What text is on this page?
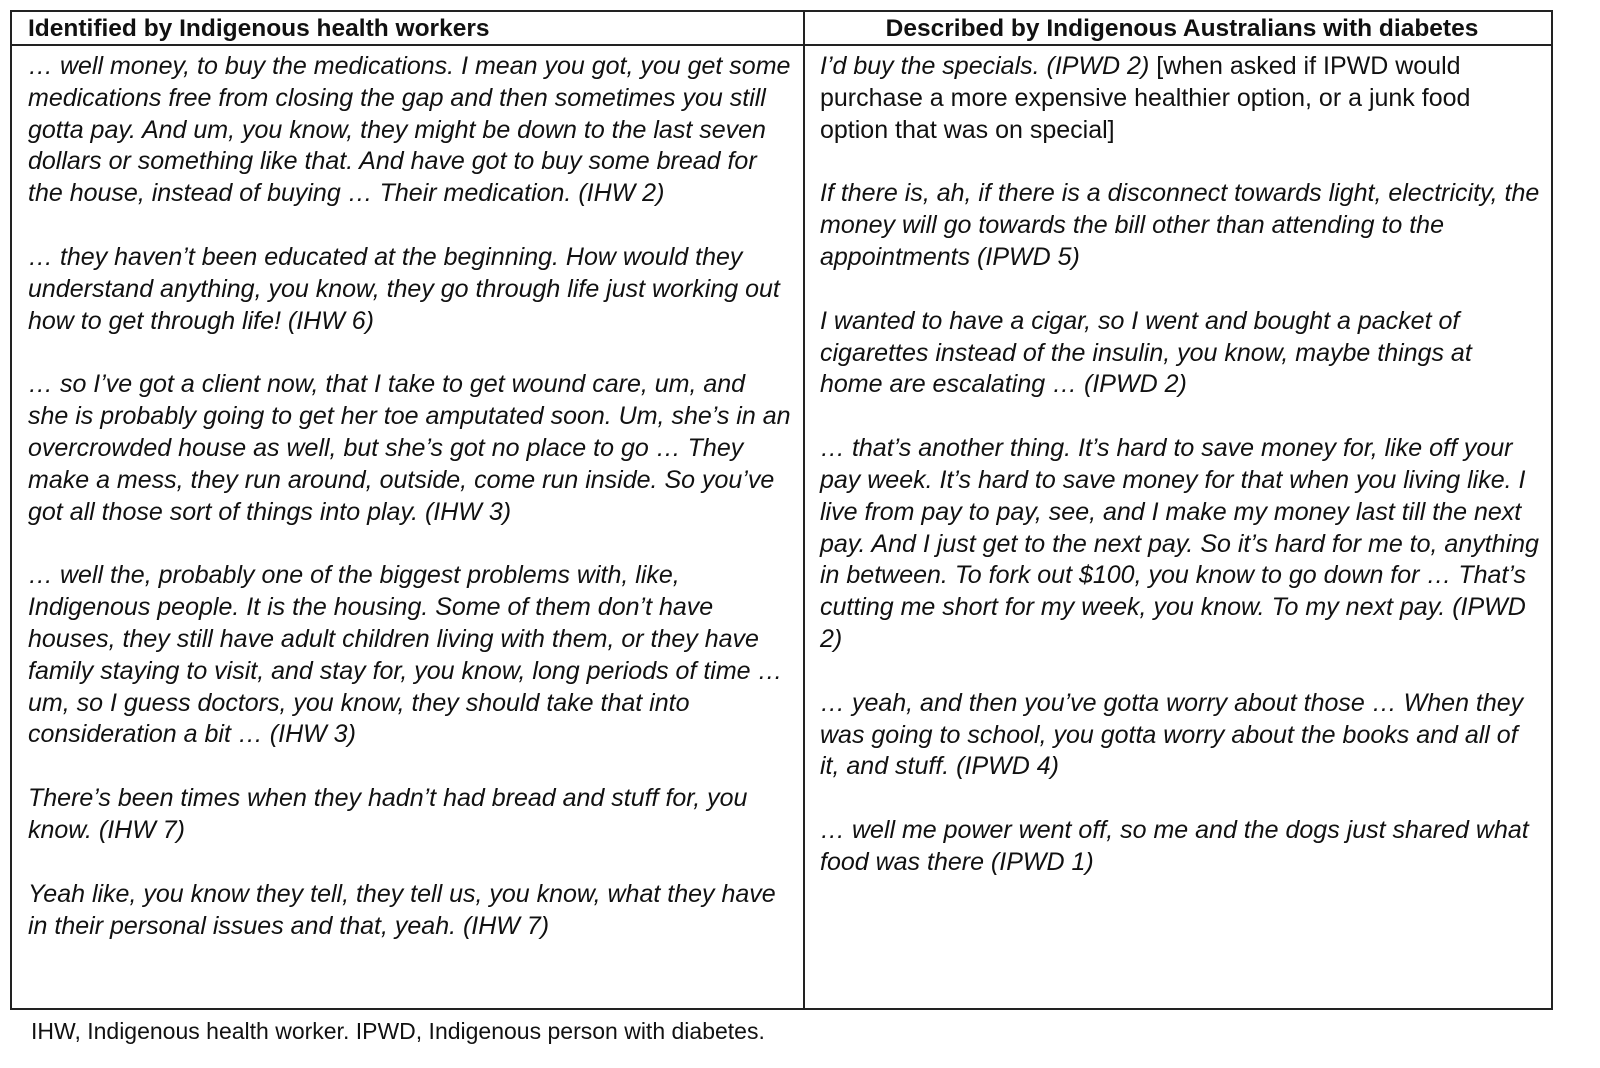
Identified by Indigenous health workers	Described by Indigenous Australians with diabetes

… well money, to buy the medications. I mean you got, you get some medications free from closing the gap and then sometimes you still gotta pay. And um, you know, they might be down to the last seven dollars or something like that. And have got to buy some bread for the house, instead of buying … Their medication. (IHW 2)

… they haven’t been educated at the beginning. How would they understand anything, you know, they go through life just working out how to get through life! (IHW 6)

… so I’ve got a client now, that I take to get wound care, um, and she is probably going to get her toe amputated soon. Um, she’s in an overcrowded house as well, but she’s got no place to go … They make a mess, they run around, outside, come run inside. So you’ve got all those sort of things into play. (IHW 3)

… well the, probably one of the biggest problems with, like, Indigenous people. It is the housing. Some of them don’t have houses, they still have adult children living with them, or they have family staying to visit, and stay for, you know, long periods of time … um, so I guess doctors, you know, they should take that into consideration a bit … (IHW 3)

There’s been times when they hadn’t had bread and stuff for, you know. (IHW 7)

Yeah like, you know they tell, they tell us, you know, what they have in their personal issues and that, yeah. (IHW 7)

I’d buy the specials. (IPWD 2) [when asked if IPWD would purchase a more expensive healthier option, or a junk food option that was on special]

If there is, ah, if there is a disconnect towards light, electricity, the money will go towards the bill other than attending to the appointments (IPWD 5)

I wanted to have a cigar, so I went and bought a packet of cigarettes instead of the insulin, you know, maybe things at home are escalating … (IPWD 2)

… that’s another thing. It’s hard to save money for, like off your pay week. It’s hard to save money for that when you living like. I live from pay to pay, see, and I make my money last till the next pay. And I just get to the next pay. So it’s hard for me to, anything in between. To fork out $100, you know to go down for … That’s cutting me short for my week, you know. To my next pay. (IPWD 2)

… yeah, and then you’ve gotta worry about those … When they was going to school, you gotta worry about the books and all of it, and stuff. (IPWD 4)

… well me power went off, so me and the dogs just shared what food was there (IPWD 1)

IHW, Indigenous health worker. IPWD, Indigenous person with diabetes.
